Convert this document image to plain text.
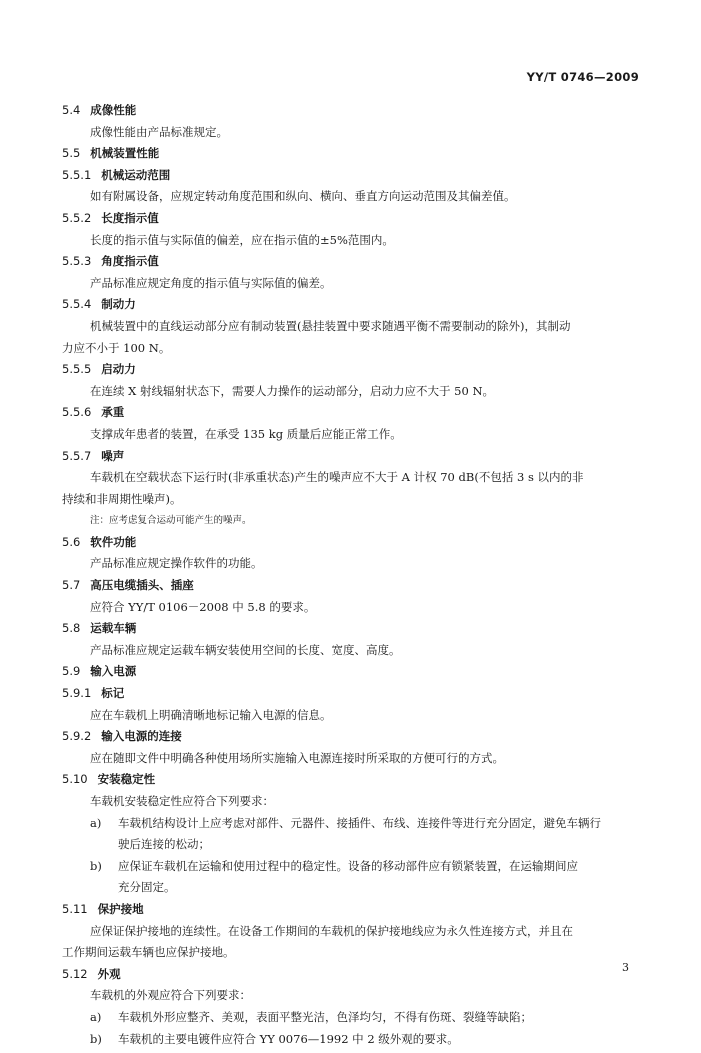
YY/T 0746—2009
5.4 成像性能
成像性能由产品标准规定。
5.5 机械装置性能
5.5.1 机械运动范围
如有附属设备，应规定转动角度范围和纵向、横向、垂直方向运动范围及其偏差值。
5.5.2 长度指示值
长度的指示值与实际值的偏差，应在指示值的±5%范围内。
5.5.3 角度指示值
产品标准应规定角度的指示值与实际值的偏差。
5.5.4 制动力
机械装置中的直线运动部分应有制动装置(悬挂装置中要求随遇平衡不需要制动的除外)，其制动
力应不小于 100 N。
5.5.5 启动力
在连续 X 射线辐射状态下，需要人力操作的运动部分，启动力应不大于 50 N。
5.5.6 承重
支撑成年患者的装置，在承受 135 kg 质量后应能正常工作。
5.5.7 噪声
车载机在空载状态下运行时(非承重状态)产生的噪声应不大于 A 计权 70 dB(不包括 3 s 以内的非
持续和非周期性噪声)。
注：应考虑复合运动可能产生的噪声。
5.6 软件功能
产品标准应规定操作软件的功能。
5.7 高压电缆插头、插座
应符合 YY/T 0106－2008 中 5.8 的要求。
5.8 运载车辆
产品标准应规定运载车辆安装使用空间的长度、宽度、高度。
5.9 输入电源
5.9.1 标记
应在车载机上明确清晰地标记输入电源的信息。
5.9.2 输入电源的连接
应在随即文件中明确各种使用场所实施输入电源连接时所采取的方便可行的方式。
5.10 安装稳定性
车载机安装稳定性应符合下列要求：
a)	车载机结构设计上应考虑对部件、元器件、接插件、布线、连接件等进行充分固定，避免车辆行
驶后连接的松动；
b)	应保证车载机在运输和使用过程中的稳定性。设备的移动部件应有锁紧装置，在运输期间应
充分固定。
5.11 保护接地
应保证保护接地的连续性。在设备工作期间的车载机的保护接地线应为永久性连接方式，并且在
工作期间运载车辆也应保护接地。
5.12 外观
车载机的外观应符合下列要求：
a)	车载机外形应整齐、美观，表面平整光洁，色泽均匀，不得有伤斑、裂缝等缺陷；
b)	车载机的主要电镀件应符合 YY 0076—1992 中 2 级外观的要求。
3
